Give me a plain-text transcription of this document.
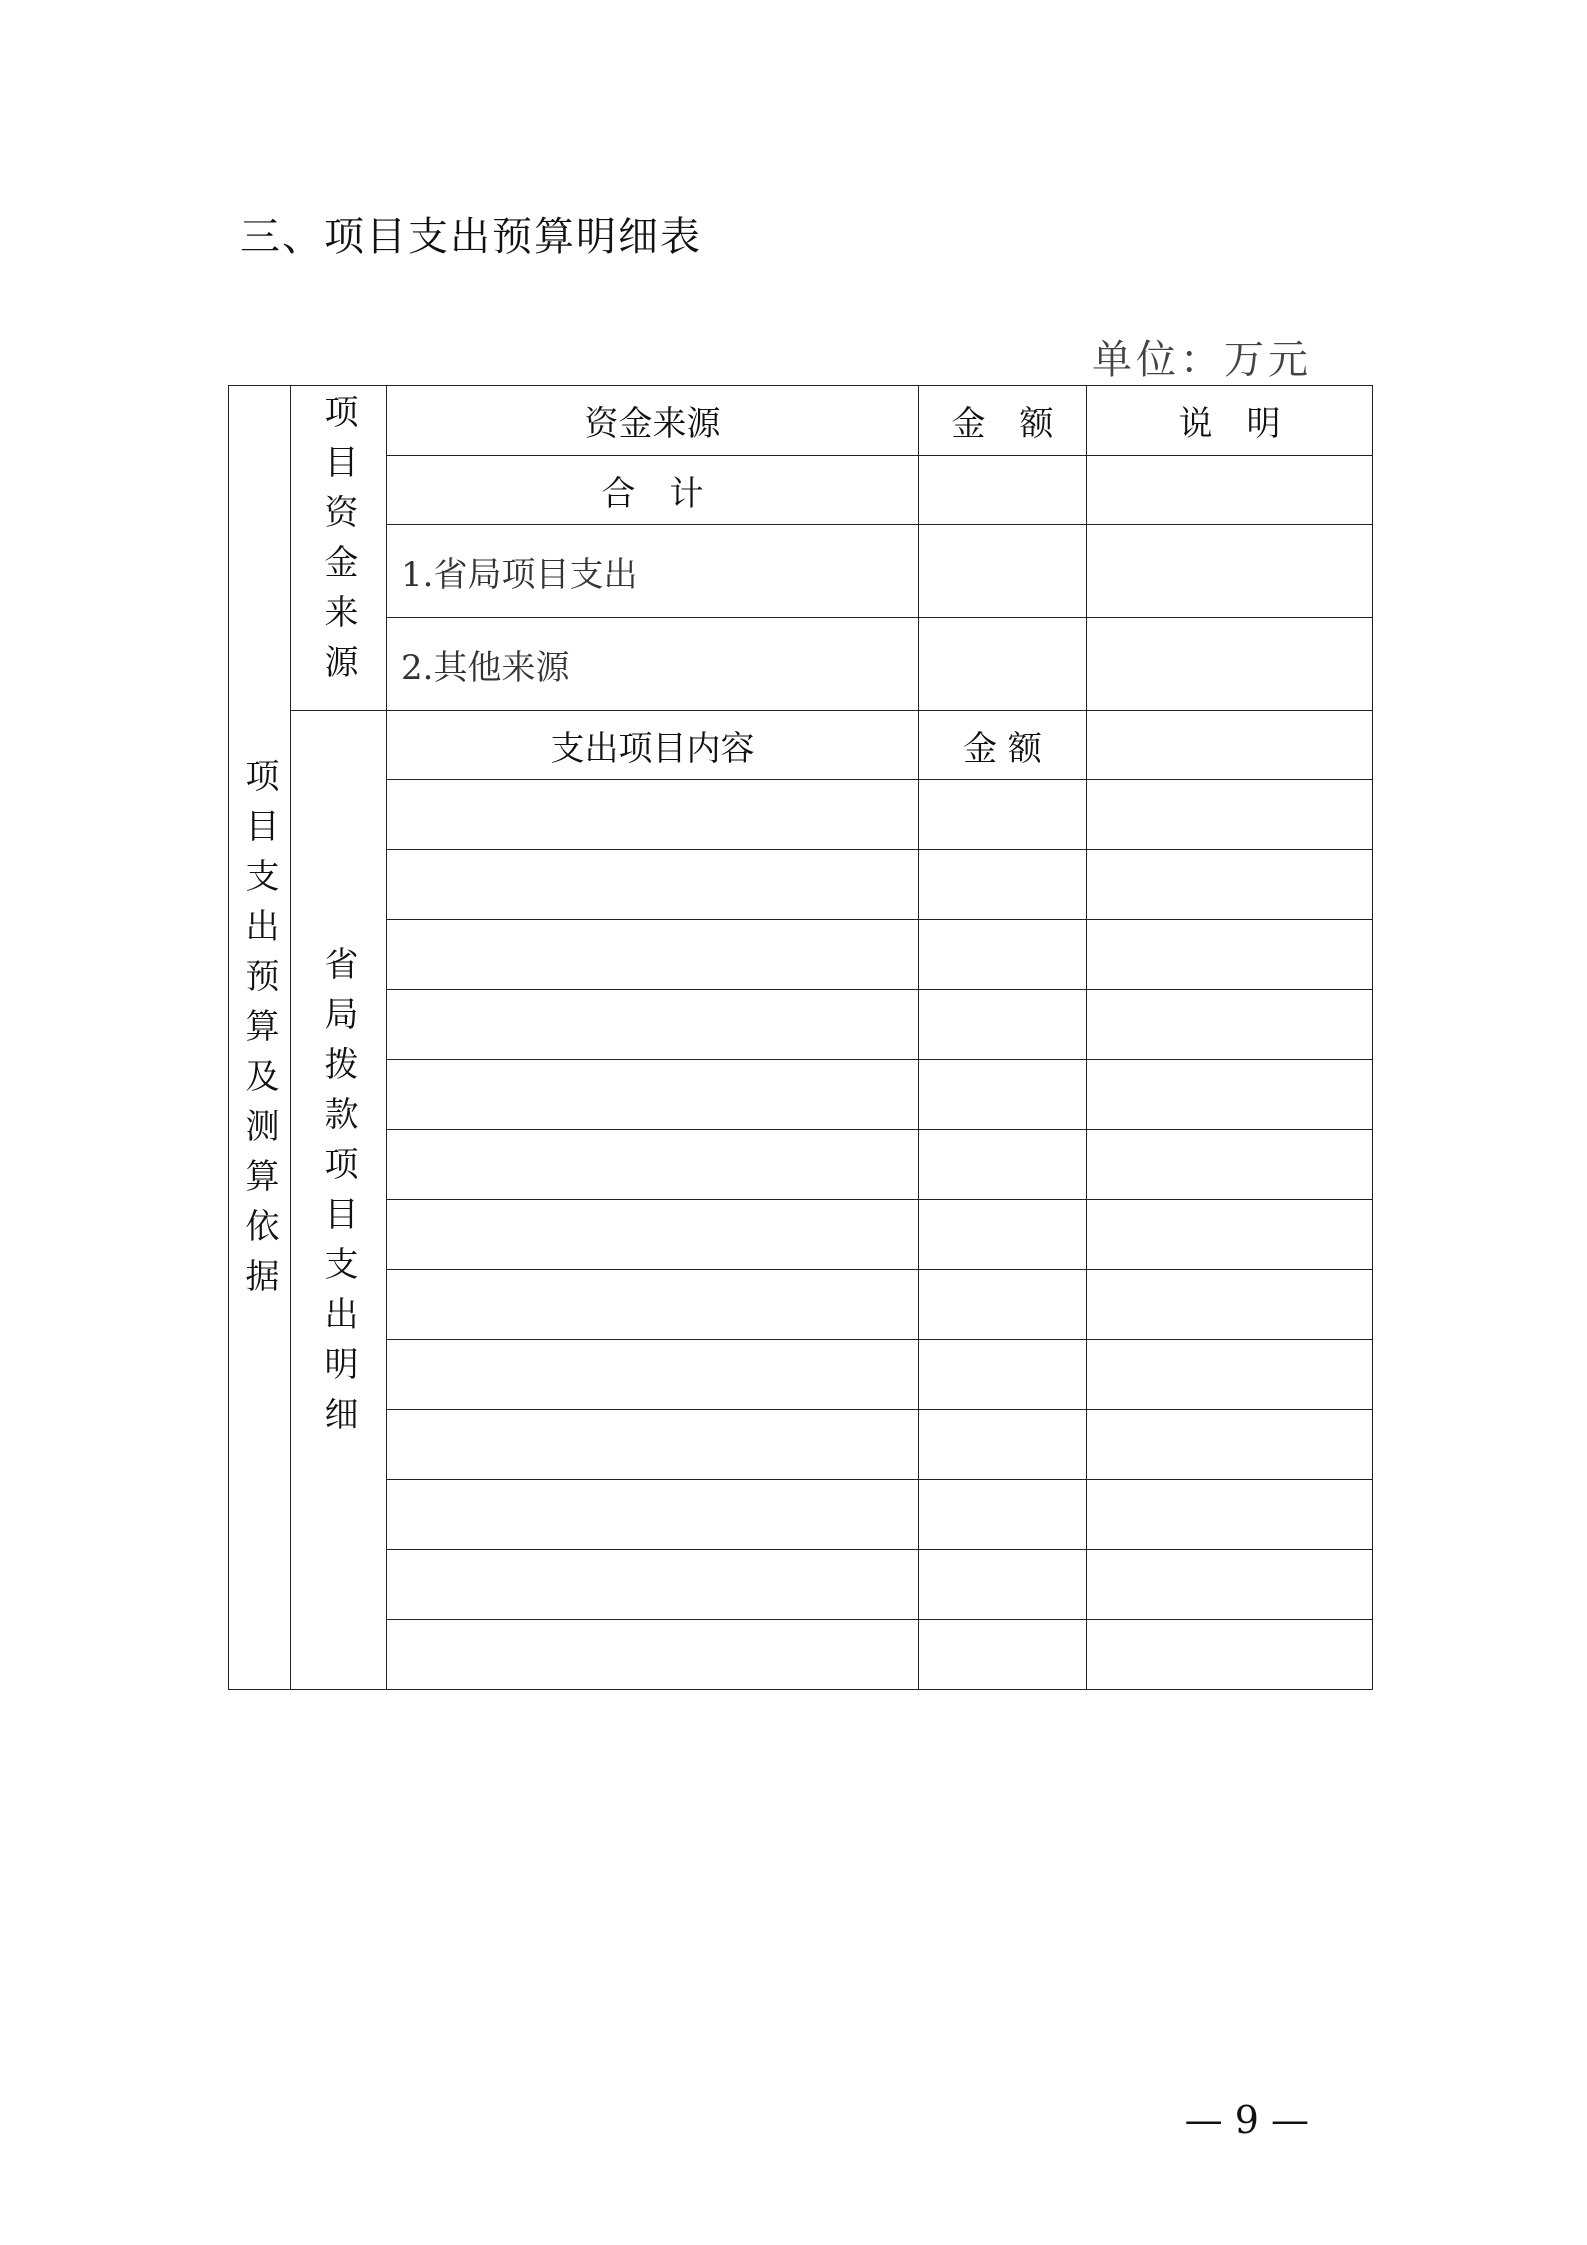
三、项目支出预算明细表
单位：万元
项目支出预算及测算依据	项目资金来源	资金来源	金　额	说　明
		合　计		
		1.省局项目支出		
		2.其他来源		

	省局拨款项目支出明细	支出项目内容	金 额	

— 9 —
